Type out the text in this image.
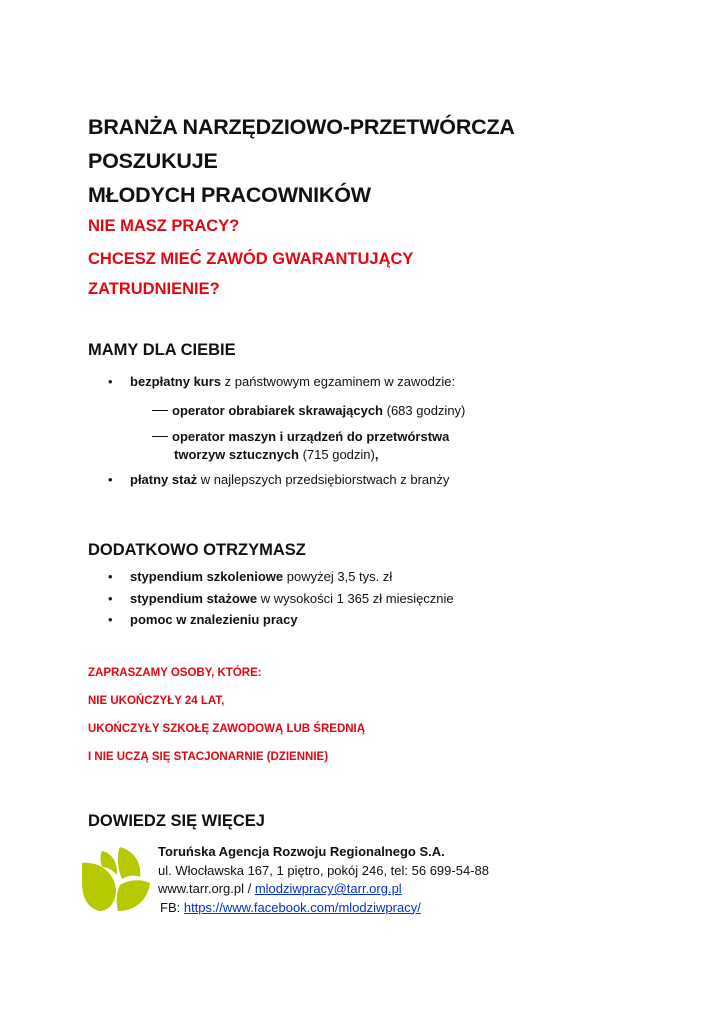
BRANŻA NARZĘDZIOWO-PRZETWÓRCZA POSZUKUJE
MŁODYCH PRACOWNIKÓW
NIE MASZ PRACY?
CHCESZ MIEĆ ZAWÓD GWARANTUJĄCY
ZATRUDNIENIE?
MAMY DLA CIEBIE
• bezpłatny kurs z państwowym egzaminem w zawodzie:
operator obrabiarek skrawających (683 godziny)
operator maszyn i urządzeń do przetwórstwa
tworzyw sztucznych (715 godzin),
• płatny staż w najlepszych przedsiębiorstwach z branży
DODATKOWO OTRZYMASZ
• stypendium szkoleniowe powyżej 3,5 tys. zł
• stypendium stażowe w wysokości 1 365 zł miesięcznie
• pomoc w znalezieniu pracy
ZAPRASZAMY OSOBY, KTÓRE:
NIE UKOŃCZYŁY 24 LAT,
UKOŃCZYŁY SZKOŁĘ ZAWODOWĄ LUB ŚREDNIĄ
I NIE UCZĄ SIĘ STACJONARNIE (DZIENNIE)
DOWIEDZ SIĘ WIĘCEJ
Toruńska Agencja Rozwoju Regionalnego S.A.
ul. Włocławska 167, 1 piętro, pokój 246, tel: 56 699-54-88
www.tarr.org.pl / mlodziwpracy@tarr.org.pl
FB: https://www.facebook.com/mlodziwpracy/
